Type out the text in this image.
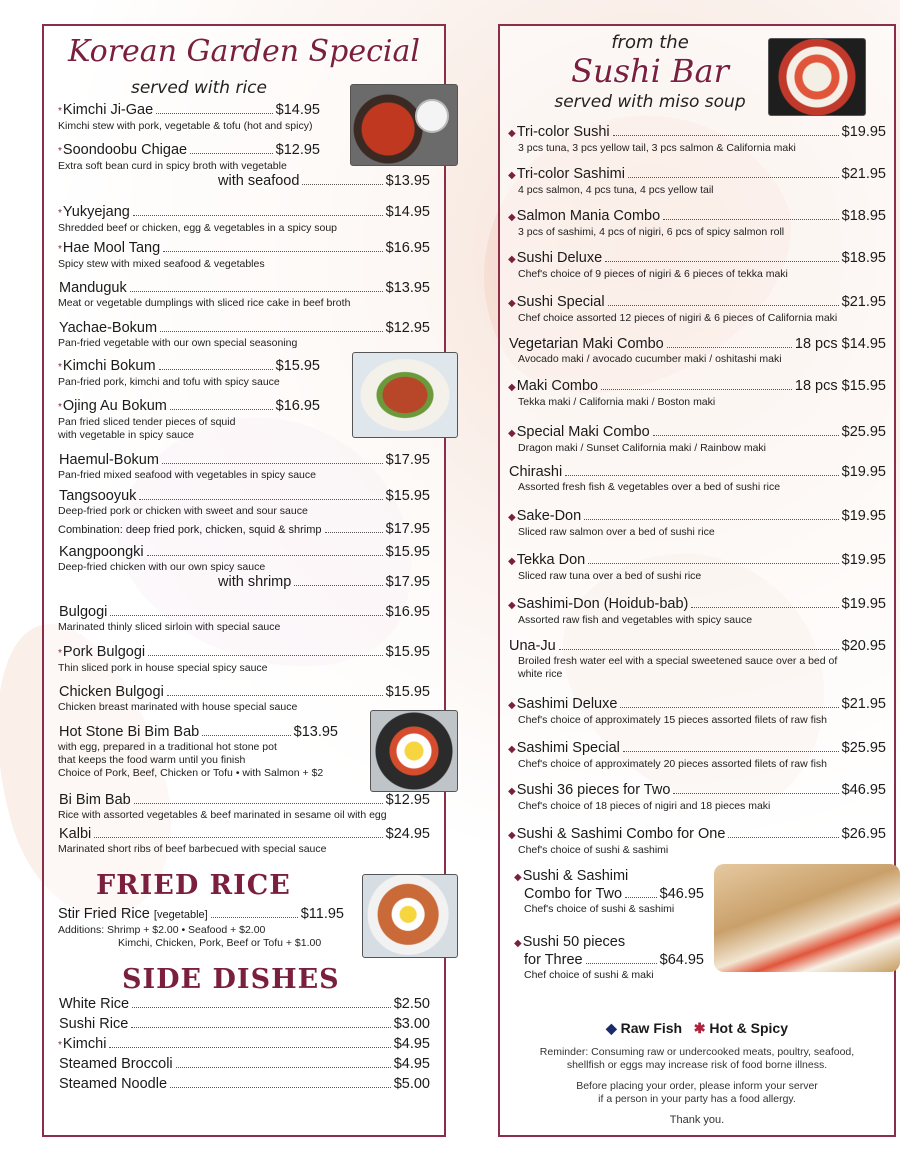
Korean Garden Special
served with rice
* Kimchi Ji-Gae	$14.95
Kimchi stew with pork, vegetable & tofu (hot and spicy)
* Soondoobu Chigae	$12.95
Extra soft bean curd in spicy broth with vegetable
with seafood	$13.95
* Yukyejang	$14.95
Shredded beef or chicken, egg & vegetables in a spicy soup
* Hae Mool Tang	$16.95
Spicy stew with mixed seafood & vegetables
Manduguk	$13.95
Meat or vegetable dumplings with sliced rice cake in beef broth
Yachae-Bokum	$12.95
Pan-fried vegetable with our own special seasoning
* Kimchi Bokum	$15.95
Pan-fried pork, kimchi and tofu with spicy sauce
* Ojing Au Bokum	$16.95
Pan fried sliced tender pieces of squid
with vegetable in spicy sauce
Haemul-Bokum	$17.95
Pan-fried mixed seafood with vegetables in spicy sauce
Tangsooyuk	$15.95
Deep-fried pork or chicken with sweet and sour sauce
Combination: deep fried pork, chicken, squid & shrimp	$17.95
Kangpoongki	$15.95
Deep-fried chicken with our own spicy sauce
with shrimp	$17.95
Bulgogi	$16.95
Marinated thinly sliced sirloin with special sauce
* Pork Bulgogi	$15.95
Thin sliced pork in house special spicy sauce
Chicken Bulgogi	$15.95
Chicken breast marinated with house special sauce
Hot Stone Bi Bim Bab	$13.95
with egg, prepared in a traditional hot stone pot
that keeps the food warm until you finish
Choice of Pork, Beef, Chicken or Tofu • with Salmon + $2
Bi Bim Bab	$12.95
Rice with assorted vegetables & beef marinated in sesame oil with egg
Kalbi	$24.95
Marinated short ribs of beef barbecued with special sauce
FRIED RICE
Stir Fried Rice [vegetable]	$11.95
Additions: Shrimp + $2.00 • Seafood + $2.00
Kimchi, Chicken, Pork, Beef or Tofu + $1.00
SIDE DISHES
White Rice	$2.50
Sushi Rice	$3.00
* Kimchi	$4.95
Steamed Broccoli	$4.95
Steamed Noodle	$5.00
from the
Sushi Bar
served with miso soup
◆ Tri-color Sushi	$19.95
3 pcs tuna, 3 pcs yellow tail, 3 pcs salmon & California maki
◆ Tri-color Sashimi	$21.95
4 pcs salmon, 4 pcs tuna, 4 pcs yellow tail
◆ Salmon Mania Combo	$18.95
3 pcs of sashimi, 4 pcs of nigiri, 6 pcs of spicy salmon roll
◆ Sushi Deluxe	$18.95
Chef's choice of 9 pieces of nigiri & 6 pieces of tekka maki
◆ Sushi Special	$21.95
Chef choice assorted 12 pieces of nigiri & 6 pieces of California maki
Vegetarian Maki Combo	18 pcs $14.95
Avocado maki / avocado cucumber maki / oshitashi maki
◆ Maki Combo	18 pcs $15.95
Tekka maki / California maki / Boston maki
◆ Special Maki Combo	$25.95
Dragon maki / Sunset California maki / Rainbow maki
Chirashi	$19.95
Assorted fresh fish & vegetables over a bed of sushi rice
◆ Sake-Don	$19.95
Sliced raw salmon over a bed of sushi rice
◆ Tekka Don	$19.95
Sliced raw tuna over a bed of sushi rice
◆ Sashimi-Don (Hoidub-bab)	$19.95
Assorted raw fish and vegetables with spicy sauce
Una-Ju	$20.95
Broiled fresh water eel with a special sweetened sauce over a bed of
white rice
◆ Sashimi Deluxe	$21.95
Chef's choice of approximately 15 pieces assorted filets of raw fish
◆ Sashimi Special	$25.95
Chef's choice of approximately 20 pieces assorted filets of raw fish
◆ Sushi 36 pieces for Two	$46.95
Chef's choice of 18 pieces of nigiri and 18 pieces maki
◆ Sushi & Sashimi Combo for One	$26.95
Chef's choice of sushi & sashimi
◆ Sushi & Sashimi
Combo for Two	$46.95
Chef's choice of sushi & sashimi
◆ Sushi 50 pieces
for Three	$64.95
Chef choice of sushi & maki
◆ Raw Fish ✱ Hot & Spicy
Reminder: Consuming raw or undercooked meats, poultry, seafood,
shellfish or eggs may increase risk of food borne illness.
Before placing your order, please inform your server
if a person in your party has a food allergy.
Thank you.
